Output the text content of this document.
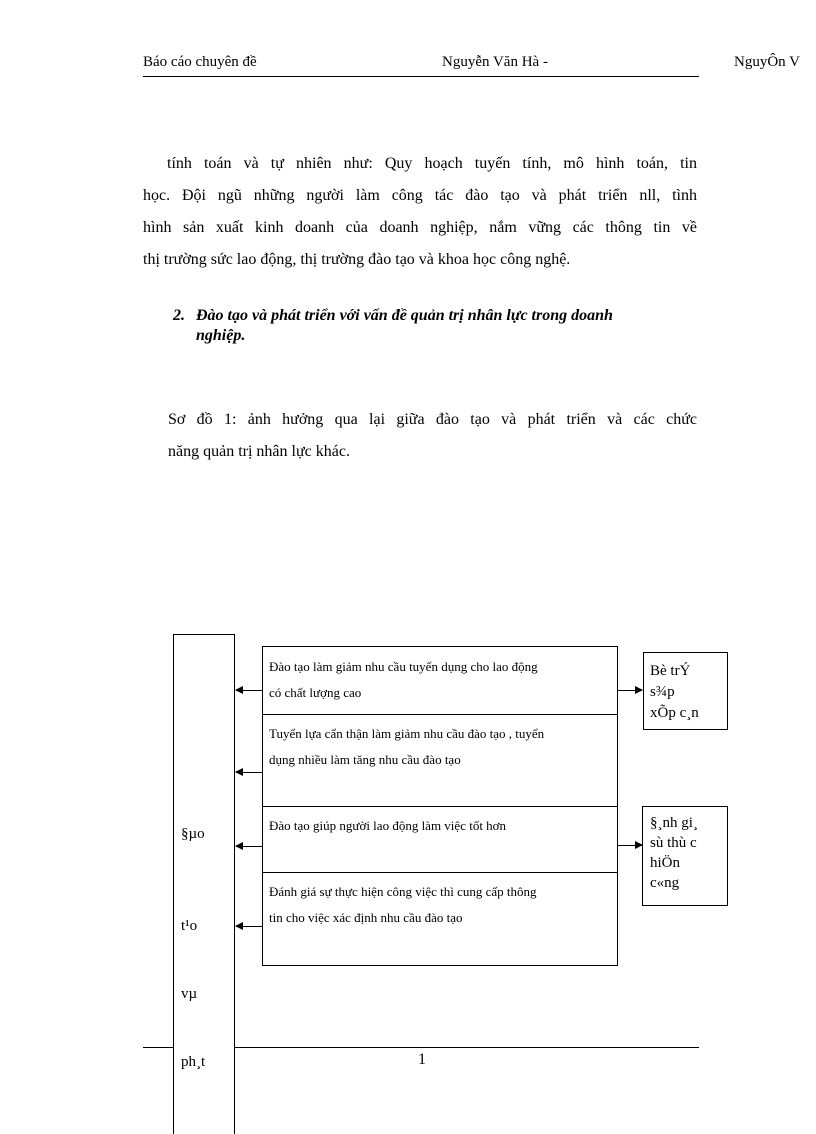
Báo cáo chuyên đề	Nguyễn Văn Hà -	NguyÔn V
tính toán và tự nhiên như: Quy hoạch tuyến tính, mô hình toán, tin
học. Đội ngũ những người làm công tác đào tạo và phát triển nll, tình
hình sản xuất kinh doanh của doanh nghiệp, nắm vững các thông tin về
thị trường sức lao động, thị trường đào tạo và khoa học công nghệ.
2. Đào tạo và phát triển với vấn đề quản trị nhân lực trong doanh
nghiệp.
Sơ đồ 1: ảnh hưởng qua lại giữa đào tạo và phát triển và các chức
năng quản trị nhân lực khác.
§µo
t¹o
vµ
ph¸t
Đào tạo làm giảm nhu cầu tuyển dụng cho lao động
có chất lượng cao
Tuyển lựa cẩn thận làm giảm nhu cầu đào tạo , tuyển
dụng nhiều làm tăng nhu cầu đào tạo
Đào tạo giúp người lao động làm việc tốt hơn
Đánh giá sự thực hiện công việc thì cung cấp thông
tin cho việc xác định nhu cầu đào tạo
Bè trÝ
s¾p
xÕp c¸n
§¸nh gi¸
sù thù c
hiÖn
c«ng
1
